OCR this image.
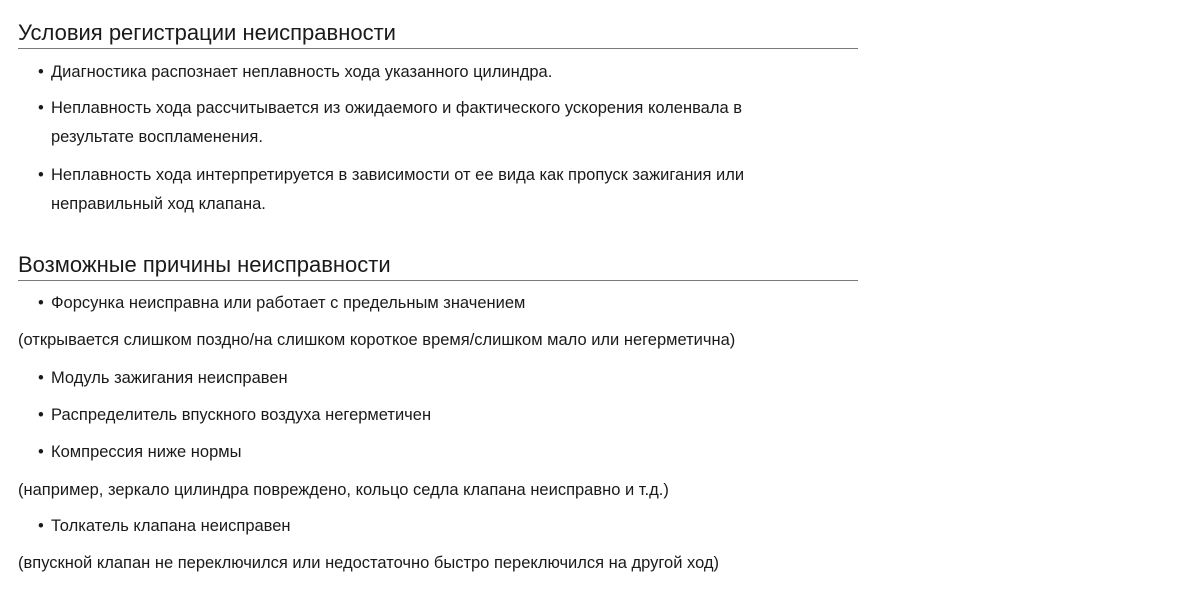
Условия регистрации неисправности
• Диагностика распознает неплавность хода указанного цилиндра.
• Неплавность хода рассчитывается из ожидаемого и фактического ускорения коленвала в
результате воспламенения.
• Неплавность хода интерпретируется в зависимости от ее вида как пропуск зажигания или
неправильный ход клапана.
Возможные причины неисправности
• Форсунка неисправна или работает с предельным значением
(открывается слишком поздно/на слишком короткое время/слишком мало или негерметична)
• Модуль зажигания неисправен
• Распределитель впускного воздуха негерметичен
• Компрессия ниже нормы
(например, зеркало цилиндра повреждено, кольцо седла клапана неисправно и т.д.)
• Толкатель клапана неисправен
(впускной клапан не переключился или недостаточно быстро переключился на другой ход)
